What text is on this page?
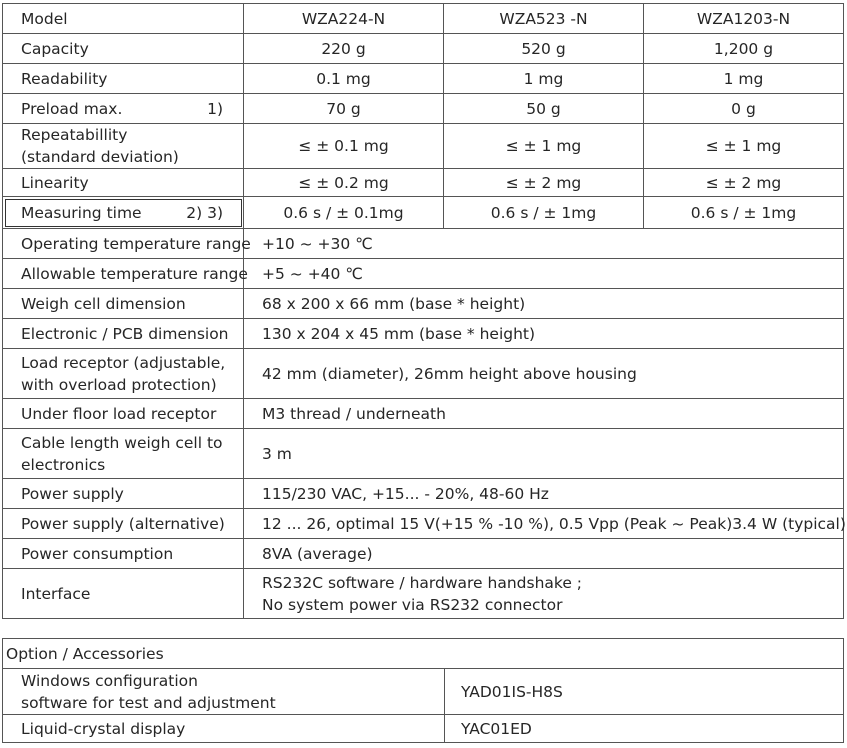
Model	WZA224-N	WZA523 -N	WZA1203-N
Capacity	220 g	520 g	1,200 g
Readability	0.1 mg	1 mg	1 mg

Preload max. 1)	70 g	50 g	0 g

Repeatabillity
(standard deviation)	≤ ± 0.1 mg	≤ ± 1 mg	≤ ± 1 mg
Linearity	≤ ± 0.2 mg	≤ ± 2 mg	≤ ± 2 mg

Measuring time 2) 3)	0.6 s / ± 0.1mg	0.6 s / ± 1mg	0.6 s / ± 1mg
Operating temperature range	+10 ~ +30 ℃		
Allowable temperature range	+5 ~ +40 ℃		
Weigh cell dimension	68 x 200 x 66 mm (base * height)		
Electronic / PCB dimension	130 x 204 x 45 mm (base * height)		

Load receptor (adjustable,
with overload protection)	42 mm (diameter), 26mm height above housing		
Under floor load receptor	M3 thread / underneath		

Cable length weigh cell to
electronics	3 m		
Power supply	115/230 VAC, +15... - 20%, 48-60 Hz		
Power supply (alternative)	12 ... 26, optimal 15 V(+15 % -10 %), 0.5 Vpp (Peak ~ Peak)3.4 W (typical)		
Power consumption	8VA (average)		
Interface	RS232C software / hardware handshake ;
No system power via RS232 connector		
Option / Accessories	

Windows configuration
software for test and adjustment	YAD01IS-H8S
Liquid-crystal display	YAC01ED
